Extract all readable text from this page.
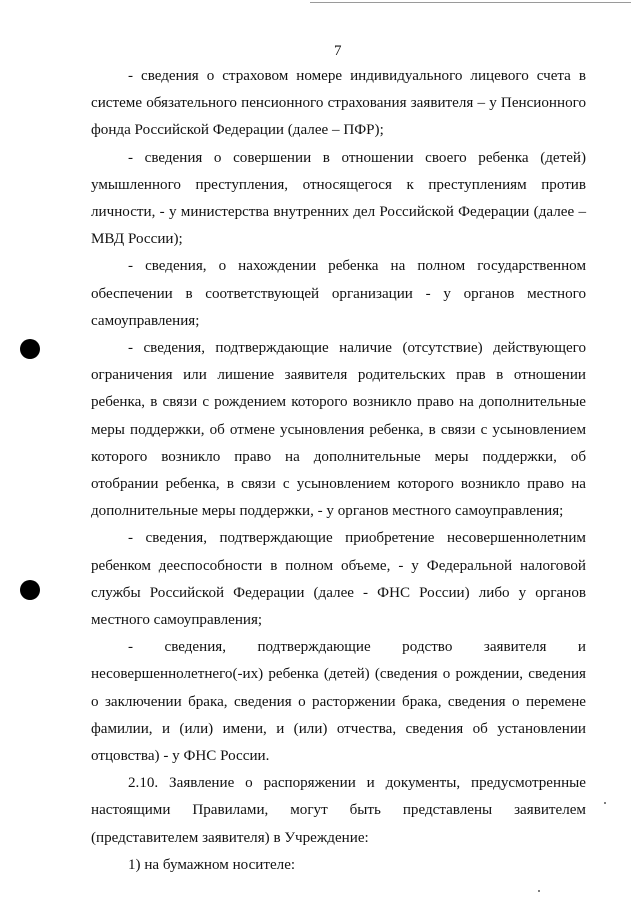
7

- сведения о страховом номере индивидуального лицевого счета в системе обязательного пенсионного страхования заявителя – у Пенсионного фонда Российской Федерации (далее – ПФР);

- сведения о совершении в отношении своего ребенка (детей) умышленного преступления, относящегося к преступлениям против личности, - у министерства внутренних дел Российской Федерации (далее – МВД России);

- сведения, о нахождении ребенка на полном государственном обеспечении в соответствующей организации - у органов местного самоуправления;

- сведения, подтверждающие наличие (отсутствие) действующего ограничения или лишение заявителя родительских прав в отношении ребенка, в связи с рождением которого возникло право на дополнительные меры поддержки, об отмене усыновления ребенка, в связи с усыновлением которого возникло право на дополнительные меры поддержки, об отобрании ребенка, в связи с усыновлением которого возникло право на дополнительные меры поддержки, - у органов местного самоуправления;

- сведения, подтверждающие приобретение несовершеннолетним ребенком дееспособности в полном объеме, - у Федеральной налоговой службы Российской Федерации (далее - ФНС России) либо у органов местного самоуправления;

- сведения, подтверждающие родство заявителя и несовершеннолетнего(-их) ребенка (детей) (сведения о рождении, сведения о заключении брака, сведения о расторжении брака, сведения о перемене фамилии, и (или) имени, и (или) отчества, сведения об установлении отцовства) - у ФНС России.

2.10. Заявление о распоряжении и документы, предусмотренные настоящими Правилами, могут быть представлены заявителем (представителем заявителя) в Учреждение:

1) на бумажном носителе:
